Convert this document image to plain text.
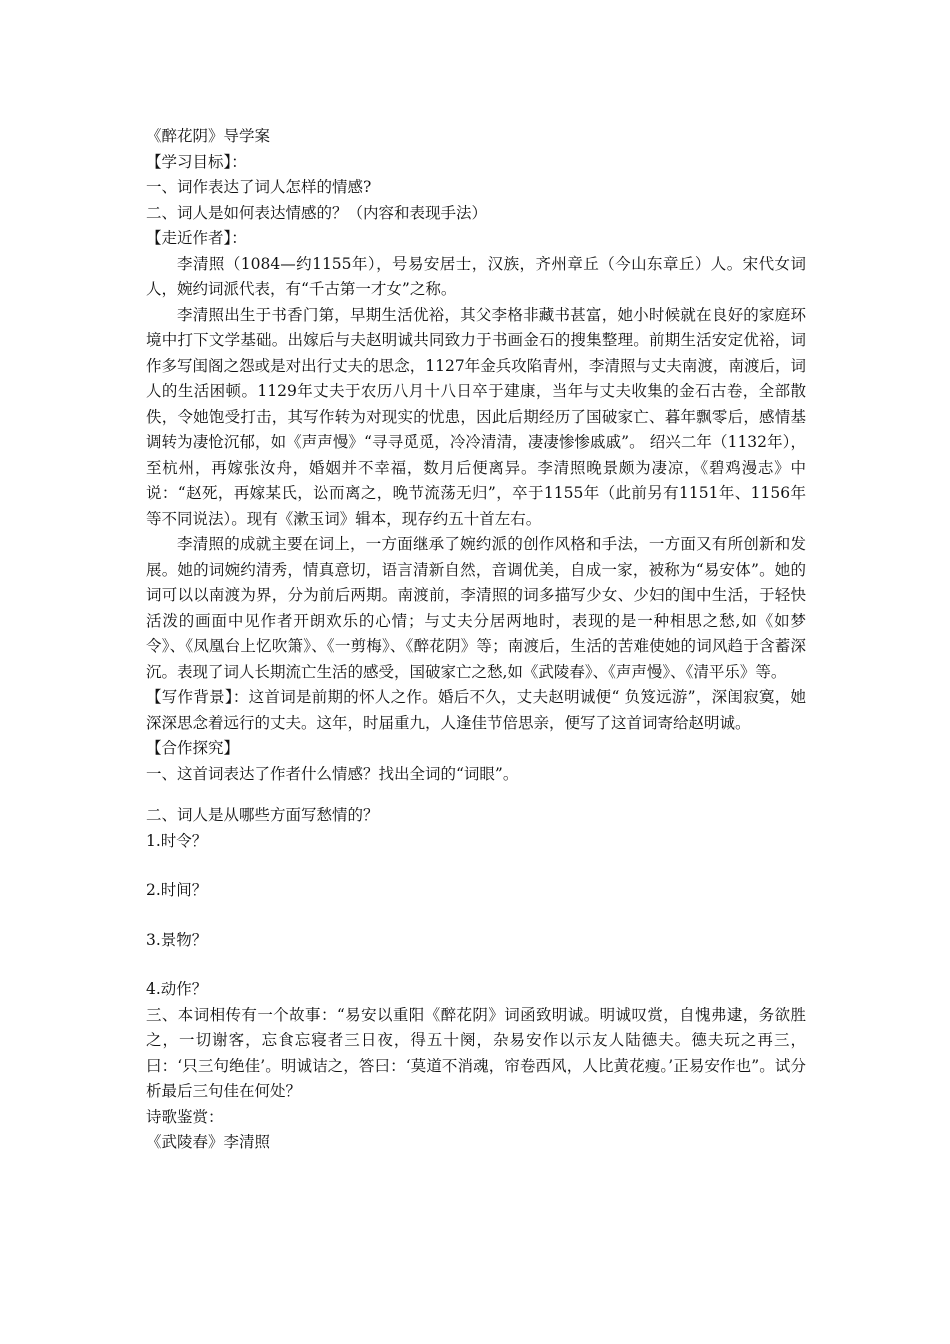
《醉花阴》导学案

【学习目标】：

一、词作表达了词人怎样的情感?

二、词人是如何表达情感的？（内容和表现手法）

【走近作者】：

李清照（1084—约1155年），号易安居士，汉族，齐州章丘（今山东章丘）人。宋代女词人，婉约词派代表，有“千古第一才女”之称。

李清照出生于书香门第，早期生活优裕，其父李格非藏书甚富，她小时候就在良好的家庭环境中打下文学基础。出嫁后与夫赵明诚共同致力于书画金石的搜集整理。前期生活安定优裕，词作多写闺阁之怨或是对出行丈夫的思念，1127年金兵攻陷青州，李清照与丈夫南渡，南渡后，词人的生活困顿。1129年丈夫于农历八月十八日卒于建康，当年与丈夫收集的金石古卷，全部散佚，令她饱受打击，其写作转为对现实的忧患，因此后期经历了国破家亡、暮年飘零后，感情基调转为凄怆沉郁，如《声声慢》“寻寻觅觅，冷冷清清，凄凄惨惨戚戚”。 绍兴二年（1132年），至杭州，再嫁张汝舟，婚姻并不幸福，数月后便离异。李清照晚景颇为凄凉，《碧鸡漫志》中说：“赵死，再嫁某氏，讼而离之，晚节流荡无归”，卒于1155年（此前另有1151年、1156年等不同说法）。现有《漱玉词》辑本，现存约五十首左右。

李清照的成就主要在词上，一方面继承了婉约派的创作风格和手法，一方面又有所创新和发展。她的词婉约清秀，情真意切，语言清新自然，音调优美，自成一家，被称为“易安体”。她的词可以以南渡为界，分为前后两期。南渡前，李清照的词多描写少女、少妇的闺中生活，于轻快活泼的画面中见作者开朗欢乐的心情；与丈夫分居两地时，表现的是一种相思之愁,如《如梦令》、《凤凰台上忆吹箫》、《一剪梅》、《醉花阴》等；南渡后，生活的苦难使她的词风趋于含蓄深沉。表现了词人长期流亡生活的感受，国破家亡之愁,如《武陵春》、《声声慢》、《清平乐》等。

【写作背景】：这首词是前期的怀人之作。婚后不久，丈夫赵明诚便“ 负笈远游”，深闺寂寞，她深深思念着远行的丈夫。这年，时届重九，人逢佳节倍思亲，便写了这首词寄给赵明诚。

【合作探究】

一、这首词表达了作者什么情感？找出全词的“词眼”。

二、词人是从哪些方面写愁情的？

1.时令？

2.时间？

3.景物？

4.动作？

三、本词相传有一个故事：“易安以重阳《醉花阴》词函致明诚。明诚叹赏，自愧弗逮，务欲胜之，一切谢客，忘食忘寝者三日夜，得五十阕，杂易安作以示友人陆德夫。德夫玩之再三，曰：‘只三句绝佳’。明诚诘之，答曰：‘莫道不消魂，帘卷西风，人比黄花瘦。’正易安作也”。试分析最后三句佳在何处？

诗歌鉴赏：

《武陵春》李清照
